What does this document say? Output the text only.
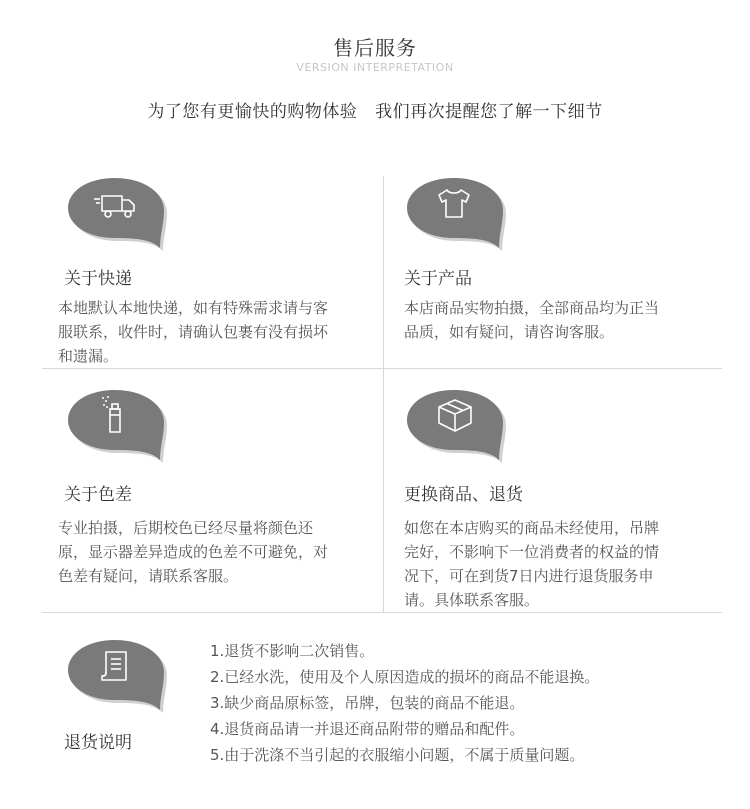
售后服务
VERSION INTERPRETATION
为了您有更愉快的购物体验   我们再次提醒您了解一下细节
关于快递
本地默认本地快递，如有特殊需求请与客
服联系，收件时，请确认包裹有没有损坏
和遗漏。
关于产品
本店商品实物拍摄，全部商品均为正当
品质，如有疑问，请咨询客服。
关于色差
专业拍摄，后期校色已经尽量将颜色还
原，显示器差异造成的色差不可避免，对
色差有疑问，请联系客服。
更换商品、退货
如您在本店购买的商品未经使用，吊牌
完好，不影响下一位消费者的权益的情
况下，可在到货7日内进行退货服务申
请。具体联系客服。
退货说明
1.退货不影响二次销售。
2.已经水洗，使用及个人原因造成的损坏的商品不能退换。
3.缺少商品原标签，吊牌，包装的商品不能退。
4.退货商品请一并退还商品附带的赠品和配件。
5.由于洗涤不当引起的衣服缩小问题，不属于质量问题。
